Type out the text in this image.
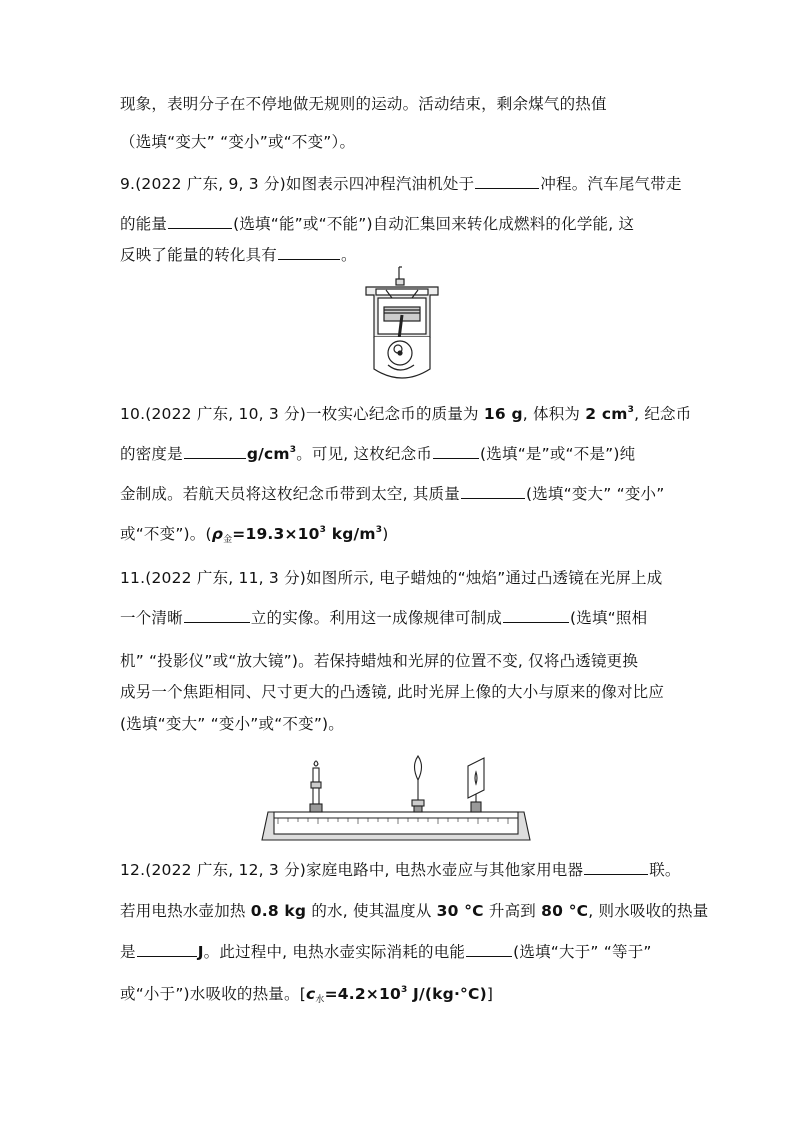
现象，表明分子在不停地做无规则的运动。活动结束，剩余煤气的热值
（选填“变大” “变小”或“不变”）。
9.(2022 广东, 9, 3 分)如图表示四冲程汽油机处于	冲程。汽车尾气带走
的能量	(选填“能”或“不能”)自动汇集回来转化成燃料的化学能, 这
反映了能量的转化具有	。
10.(2022 广东, 10, 3 分)一枚实心纪念币的质量为 16 g, 体积为 2 $cm^3$, 纪念币
的密度是	$g/cm^3$。可见, 这枚纪念币	(选填“是”或“不是”)纯
金制成。若航天员将这枚纪念币带到太空, 其质量	(选填“变大” “变小”
或“不变”)。($\rho_金=19.3\times 10^3$ $kg/m^3$)
11.(2022 广东, 11, 3 分)如图所示, 电子蜡烛的“烛焰”通过凸透镜在光屏上成
一个清晰	立的实像。利用这一成像规律可制成	(选填“照相
机” “投影仪”或“放大镜”)。若保持蜡烛和光屏的位置不变, 仅将凸透镜更换
成另一个焦距相同、尺寸更大的凸透镜, 此时光屏上像的大小与原来的像对比应
(选填“变大” “变小”或“不变”)。
12.(2022 广东, 12, 3 分)家庭电路中, 电热水壶应与其他家用电器	联。
若用电热水壶加热 0.8 kg 的水, 使其温度从 30 °C 升高到 80 °C, 则水吸收的热量
是	J。此过程中, 电热水壶实际消耗的电能	(选填“大于” “等于”
或“小于”)水吸收的热量。[$c_水=4.2\times 10^3$ J/(kg·°C)]
